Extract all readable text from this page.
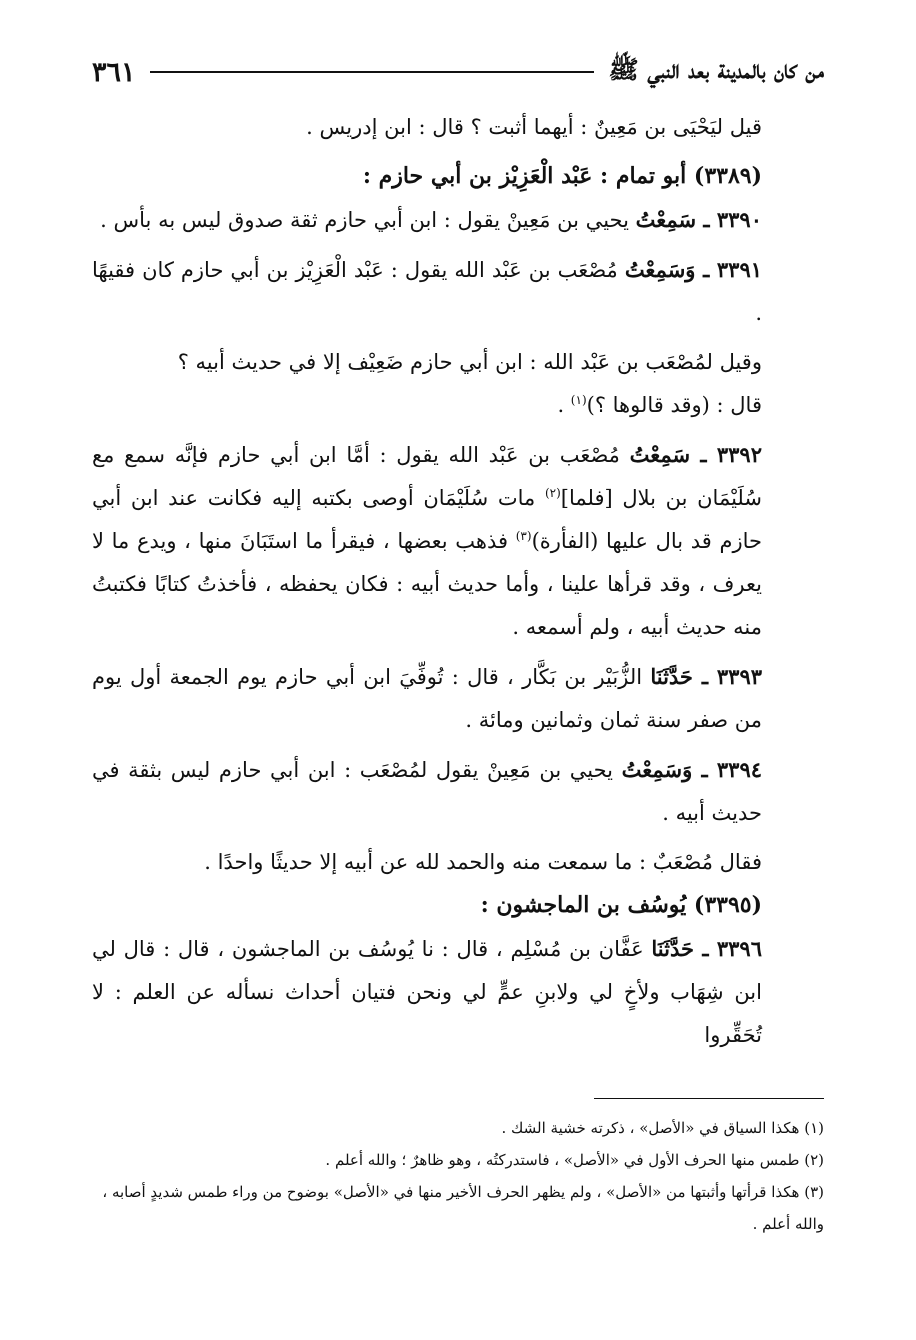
من كان بالمدينة بعد النبي ﷺ
٣٦١

قيل ليَحْيَى بن مَعِينٌ : أيهما أثبت ؟ قال : ابن إدريس .

(٣٣٨٩) أبو تمام : عَبْد الْعَزِيْز بن أبي حازم :

٣٣٩٠ ـ سَمِعْتُ يحيي بن مَعِينْ يقول : ابن أبي حازم ثقة صدوق ليس به بأس .

٣٣٩١ ـ وَسَمِعْتُ مُصْعَب بن عَبْد الله يقول : عَبْد الْعَزِيْز بن أبي حازم كان فقيهًا .

وقيل لمُصْعَب بن عَبْد الله : ابن أبي حازم ضَعِيْف إلا في حديث أبيه ؟

قال : (وقد قالوها ؟)$^{(١)}$ .

٣٣٩٢ ـ سَمِعْتُ مُصْعَب بن عَبْد الله يقول : أمَّا ابن أبي حازم فإنَّه سمع مع سُلَيْمَان بن بلال [فلما]$^{(٢)}$ مات سُلَيْمَان أوصى بكتبه إليه فكانت عند ابن أبي حازم قد بال عليها (الفأرة)$^{(٣)}$ فذهب بعضها ، فيقرأ ما استَبَانَ منها ، ويدع ما لا يعرف ، وقد قرأها علينا ، وأما حديث أبيه : فكان يحفظه ، فأخذتُ كتابًا فكتبتُ منه حديث أبيه ، ولم أسمعه .

٣٣٩٣ ـ حَدَّثَنَا الزُّبَيْر بن بَكَّار ، قال : تُوفِّيَ ابن أبي حازم يوم الجمعة أول يوم من صفر سنة ثمان وثمانين ومائة .

٣٣٩٤ ـ وَسَمِعْتُ يحيي بن مَعِينْ يقول لمُصْعَب : ابن أبي حازم ليس بثقة في حديث أبيه .

فقال مُصْعَبٌ : ما سمعت منه والحمد لله عن أبيه إلا حديثًا واحدًا .

(٣٣٩٥) يُوسُف بن الماجشون :

٣٣٩٦ ـ حَدَّثَنَا عَفَّان بن مُسْلِم ، قال : نا يُوسُف بن الماجشون ، قال : قال لي ابن شِهَاب ولأخٍ لي ولابنِ عمٍّ لي ونحن فتيان أحداث نسأله عن العلم : لا تُحَقِّروا

(١) هكذا السياق في «الأصل» ، ذكرته خشية الشك .

(٢) طمس منها الحرف الأول في «الأصل» ، فاستدركتُه ، وهو ظاهرٌ ؛ والله أعلم .

(٣) هكذا قرأتها وأثبتها من «الأصل» ، ولم يظهر الحرف الأخير منها في «الأصل» بوضوح من وراء طمس شديدٍ أصابه ، والله أعلم .
